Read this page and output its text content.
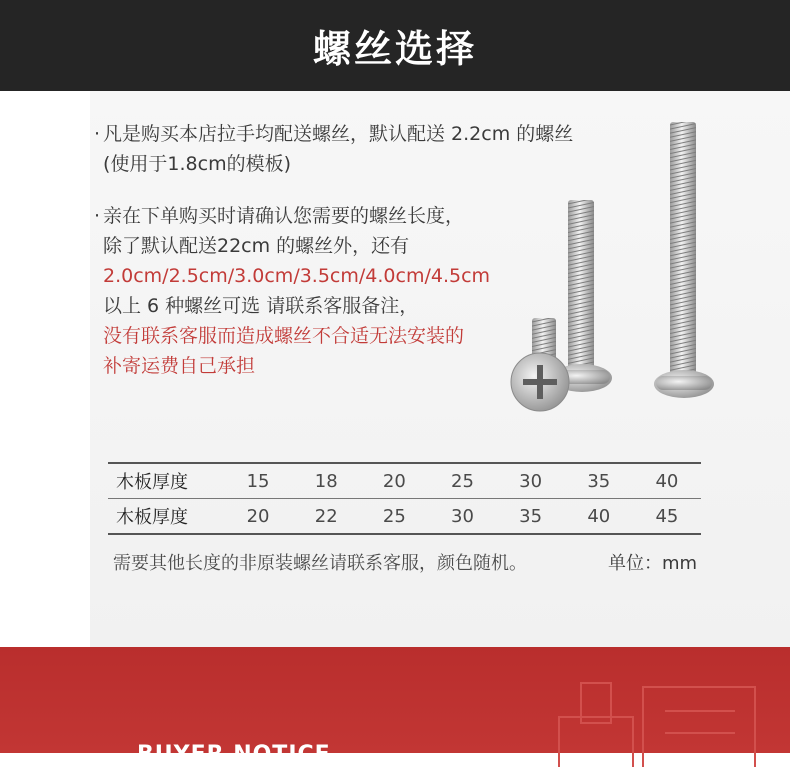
螺丝选择
· 凡是购买本店拉手均配送螺丝，默认配送 2.2cm 的螺丝
(使用于1.8cm的模板)
· 亲在下单购买时请确认您需要的螺丝长度，
除了默认配送22cm 的螺丝外，还有
2.0cm/2.5cm/3.0cm/3.5cm/4.0cm/4.5cm
以上 6 种螺丝可选 请联系客服备注，
没有联系客服而造成螺丝不合适无法安装的
补寄运费自己承担
木板厚度	15	18	20	25	30	35	40
木板厚度	20	22	25	30	35	40	45
需要其他长度的非原装螺丝请联系客服，颜色随机。	单位：mm
BUYER NOTICE
